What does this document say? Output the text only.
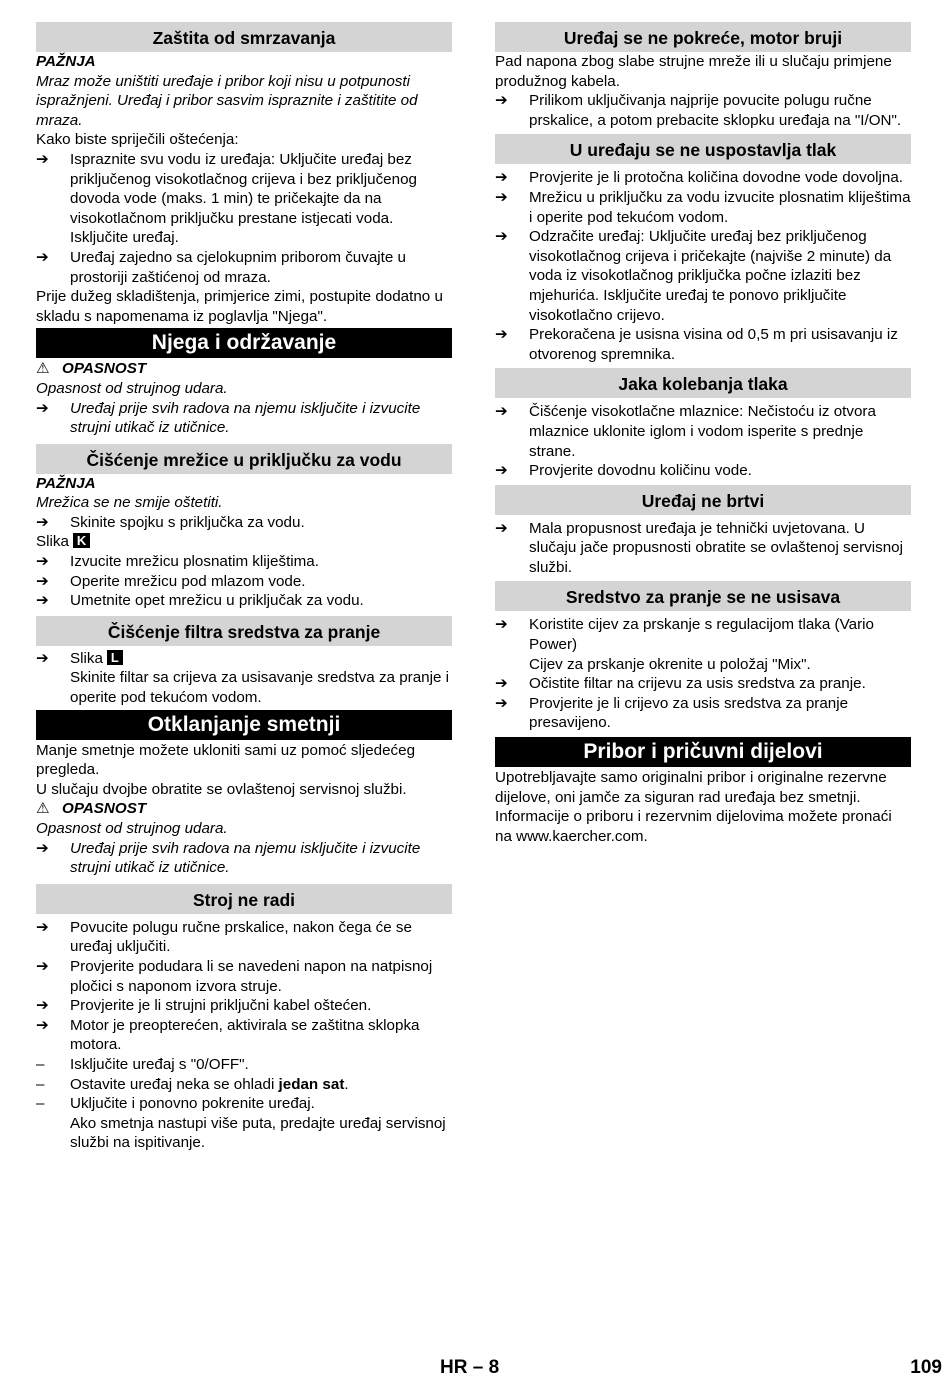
Zaštita od smrzavanja

PAŽNJA

Mraz može uništiti uređaje i pribor koji nisu u potpunosti ispražnjeni. Uređaj i pribor sasvim ispraznite i zaštitite od mraza.

Kako biste spriječili oštećenja:

➔	Ispraznite svu vodu iz uređaja: Uključite uređaj bez priključenog visokotlačnog crijeva i bez priključenog dovoda vode (maks. 1 min) te pričekajte da na visokotlačnom priključku prestane istjecati voda. Isključite uređaj.
➔	Uređaj zajedno sa cjelokupnim priborom čuvajte u prostoriji zaštićenoj od mraza.

Prije dužeg skladištenja, primjerice zimi, postupite dodatno u skladu s napomenama iz poglavlja "Njega".

Njega i održavanje

⚠ OPASNOST

Opasnost od strujnog udara.

➔	Uređaj prije svih radova na njemu isključite i izvucite strujni utikač iz utičnice.
Čišćenje mrežice u priključku za vodu

PAŽNJA

Mrežica se ne smije oštetiti.

➔	Skinite spojku s priključka za vodu.

Slika K

➔	Izvucite mrežicu plosnatim kliještima.
➔	Operite mrežicu pod mlazom vode.
➔	Umetnite opet mrežicu u priključak za vodu.
Čišćenje filtra sredstva za pranje
➔	Slika L

Skinite filtar sa crijeva za usisavanje sredstva za pranje i operite pod tekućom vodom.

Otklanjanje smetnji

Manje smetnje možete ukloniti sami uz pomoć sljedećeg pregleda.

U slučaju dvojbe obratite se ovlaštenoj servisnoj službi.

⚠ OPASNOST

Opasnost od strujnog udara.

➔	Uređaj prije svih radova na njemu isključite i izvucite strujni utikač iz utičnice.
Stroj ne radi
➔	Povucite polugu ručne prskalice, nakon čega će se uređaj uključiti.
➔	Provjerite podudara li se navedeni napon na natpisnoj pločici s naponom izvora struje.
➔	Provjerite je li strujni priključni kabel oštećen.
➔	Motor je preopterećen, aktivirala se zaštitna sklopka motora.
–	Isključite uređaj s "0/OFF".
–	Ostavite uređaj neka se ohladi jedan sat.
–	Uključite i ponovno pokrenite uređaj.

Ako smetnja nastupi više puta, predajte uređaj servisnoj službi na ispitivanje.

Uređaj se ne pokreće, motor bruji

Pad napona zbog slabe strujne mreže ili u slučaju primjene produžnog kabela.

➔	Prilikom uključivanja najprije povucite polugu ručne prskalice, a potom prebacite sklopku uređaja na "I/ON".
U uređaju se ne uspostavlja tlak
➔	Provjerite je li protočna količina dovodne vode dovoljna.
➔	Mrežicu u priključku za vodu izvucite plosnatim kliještima i operite pod tekućom vodom.
➔	Odzračite uređaj: Uključite uređaj bez priključenog visokotlačnog crijeva i pričekajte (najviše 2 minute) da voda iz visokotlačnog priključka počne izlaziti bez mjehurića. Isključite uređaj te ponovo priključite visokotlačno crijevo.
➔	Prekoračena je usisna visina od 0,5 m pri usisavanju iz otvorenog spremnika.
Jaka kolebanja tlaka
➔	Čišćenje visokotlačne mlaznice: Nečistoću iz otvora mlaznice uklonite iglom i vodom isperite s prednje strane.
➔	Provjerite dovodnu količinu vode.
Uređaj ne brtvi
➔	Mala propusnost uređaja je tehnički uvjetovana. U slučaju jače propusnosti obratite se ovlaštenoj servisnoj službi.
Sredstvo za pranje se ne usisava
➔	Koristite cijev za prskanje s regulacijom tlaka (Vario Power)

Cijev za prskanje okrenite u položaj "Mix".

➔	Očistite filtar na crijevu za usis sredstva za pranje.
➔	Provjerite je li crijevo za usis sredstva za pranje presavijeno.
Pribor i pričuvni dijelovi

Upotrebljavajte samo originalni pribor i originalne rezervne dijelove, oni jamče za siguran rad uređaja bez smetnji.

Informacije o priboru i rezervnim dijelovima možete pronaći na www.kaercher.com.

HR – 8	109
